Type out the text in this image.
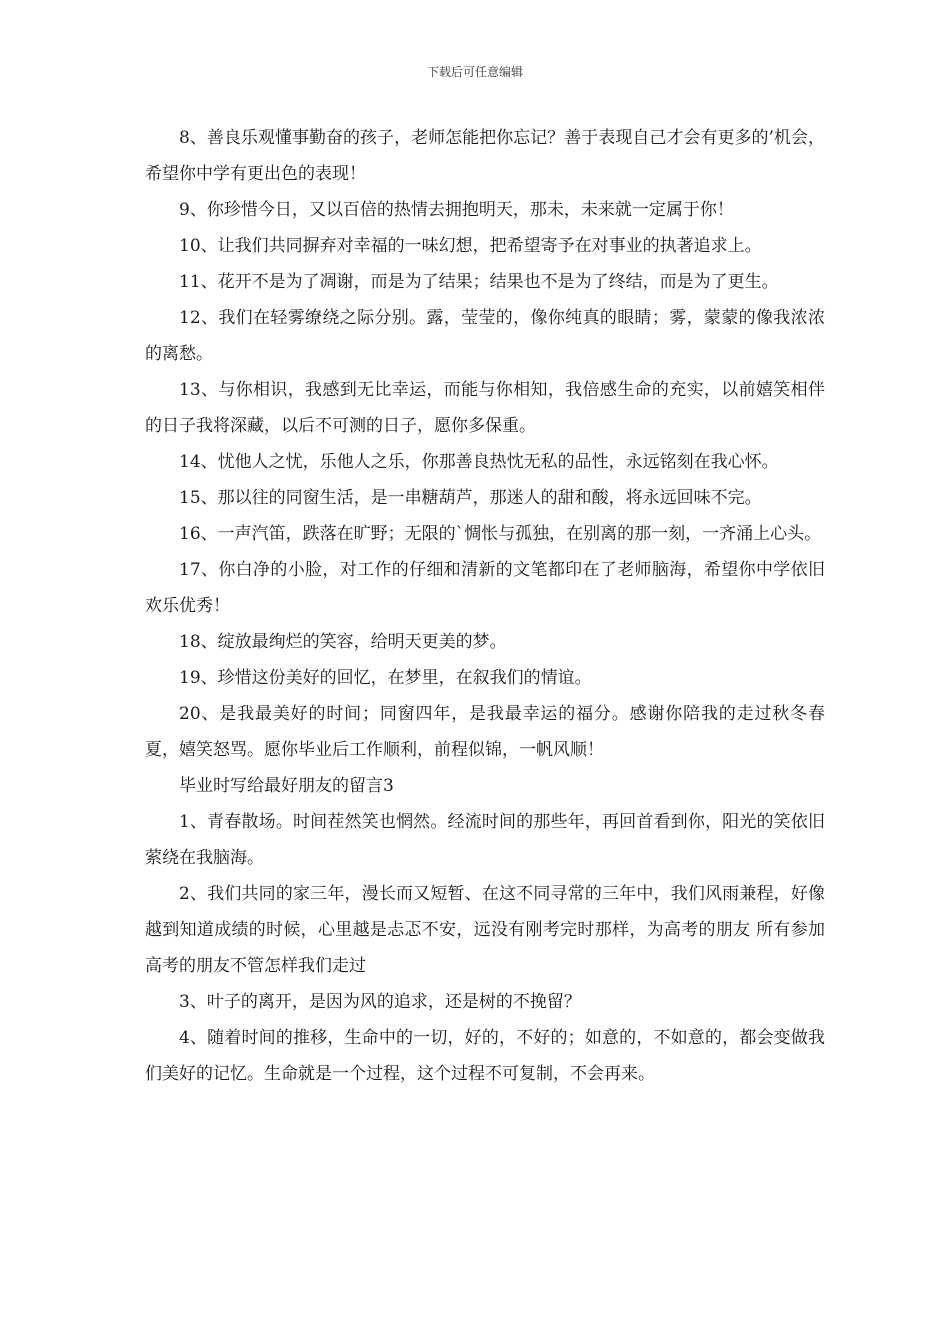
下载后可任意编辑

8、善良乐观懂事勤奋的孩子，老师怎能把你忘记？善于表现自己才会有更多的’机会，希望你中学有更出色的表现！

9、你珍惜今日，又以百倍的热情去拥抱明天，那未，未来就一定属于你！

10、让我们共同摒弃对幸福的一味幻想，把希望寄予在对事业的执著追求上。

11、花开不是为了凋谢，而是为了结果；结果也不是为了终结，而是为了更生。

12、我们在轻雾缭绕之际分别。露，莹莹的，像你纯真的眼睛；雾，蒙蒙的像我浓浓的离愁。

13、与你相识，我感到无比幸运，而能与你相知，我倍感生命的充实，以前嬉笑相伴的日子我将深藏，以后不可测的日子，愿你多保重。

14、忧他人之忧，乐他人之乐，你那善良热忱无私的品性，永远铭刻在我心怀。

15、那以往的同窗生活，是一串糖葫芦，那迷人的甜和酸，将永远回味不完。

16、一声汽笛，跌落在旷野；无限的`惆怅与孤独，在别离的那一刻，一齐涌上心头。

17、你白净的小脸，对工作的仔细和清新的文笔都印在了老师脑海，希望你中学依旧欢乐优秀！

18、绽放最绚烂的笑容，给明天更美的梦。

19、珍惜这份美好的回忆，在梦里，在叙我们的情谊。

20、是我最美好的时间；同窗四年，是我最幸运的福分。感谢你陪我的走过秋冬春夏，嬉笑怒骂。愿你毕业后工作顺利，前程似锦，一帆风顺！

毕业时写给最好朋友的留言3

1、青春散场。时间茬然笑也惘然。经流时间的那些年，再回首看到你，阳光的笑依旧萦绕在我脑海。

2、我们共同的家三年，漫长而又短暂、在这不同寻常的三年中，我们风雨兼程，好像越到知道成绩的时候，心里越是忐忑不安，远没有刚考完时那样，为高考的朋友 所有参加高考的朋友不管怎样我们走过

3、叶子的离开，是因为风的追求，还是树的不挽留？

4、随着时间的推移，生命中的一切，好的，不好的；如意的，不如意的，都会变做我们美好的记忆。生命就是一个过程，这个过程不可复制，不会再来。
